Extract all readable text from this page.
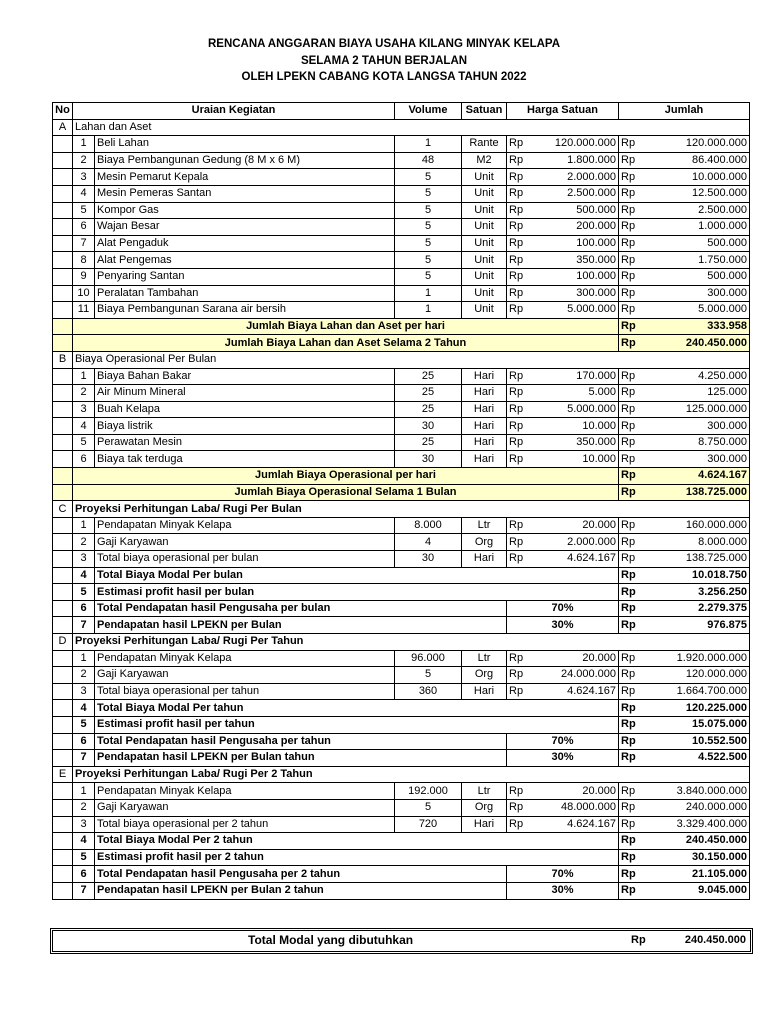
RENCANA ANGGARAN BIAYA USAHA KILANG MINYAK KELAPA
SELAMA 2 TAHUN BERJALAN
OLEH LPEKN CABANG KOTA LANGSA TAHUN 2022
No	Uraian Kegiatan		Volume	Satuan	Harga Satuan		Jumlah	
A	Lahan dan Aset							
	1	Beli Lahan	1	Rante	Rp	120.000.000	Rp	120.000.000
	2	Biaya Pembangunan Gedung (8 M x 6 M)	48	M2	Rp	1.800.000	Rp	86.400.000
	3	Mesin Pemarut Kepala	5	Unit	Rp	2.000.000	Rp	10.000.000
	4	Mesin Pemeras Santan	5	Unit	Rp	2.500.000	Rp	12.500.000
	5	Kompor Gas	5	Unit	Rp	500.000	Rp	2.500.000
	6	Wajan Besar	5	Unit	Rp	200.000	Rp	1.000.000
	7	Alat Pengaduk	5	Unit	Rp	100.000	Rp	500.000
	8	Alat Pengemas	5	Unit	Rp	350.000	Rp	1.750.000
	9	Penyaring Santan	5	Unit	Rp	100.000	Rp	500.000
	10	Peralatan Tambahan	1	Unit	Rp	300.000	Rp	300.000
	11	Biaya Pembangunan Sarana air bersih	1	Unit	Rp	5.000.000	Rp	5.000.000
	Jumlah Biaya Lahan dan Aset per hari						Rp	333.958
	Jumlah Biaya Lahan dan Aset Selama 2 Tahun						Rp	240.450.000
B	Biaya Operasional Per Bulan							
	1	Biaya Bahan Bakar	25	Hari	Rp	170.000	Rp	4.250.000
	2	Air Minum Mineral	25	Hari	Rp	5.000	Rp	125.000
	3	Buah Kelapa	25	Hari	Rp	5.000.000	Rp	125.000.000
	4	Biaya listrik	30	Hari	Rp	10.000	Rp	300.000
	5	Perawatan Mesin	25	Hari	Rp	350.000	Rp	8.750.000
	6	Biaya tak terduga	30	Hari	Rp	10.000	Rp	300.000
	Jumlah Biaya Operasional per hari						Rp	4.624.167
	Jumlah Biaya Operasional Selama 1 Bulan						Rp	138.725.000
C	Proyeksi Perhitungan Laba/ Rugi Per Bulan							
	1	Pendapatan Minyak Kelapa	8.000	Ltr	Rp	20.000	Rp	160.000.000
	2	Gaji Karyawan	4	Org	Rp	2.000.000	Rp	8.000.000
	3	Total biaya operasional per bulan	30	Hari	Rp	4.624.167	Rp	138.725.000
	4	Total Biaya Modal Per bulan					Rp	10.018.750
	5	Estimasi profit hasil per bulan					Rp	3.256.250
	6	Total Pendapatan hasil Pengusaha per bulan			70%		Rp	2.279.375
	7	Pendapatan hasil LPEKN per Bulan			30%		Rp	976.875
D	Proyeksi Perhitungan Laba/ Rugi Per Tahun							
	1	Pendapatan Minyak Kelapa	96.000	Ltr	Rp	20.000	Rp	1.920.000.000
	2	Gaji Karyawan	5	Org	Rp	24.000.000	Rp	120.000.000
	3	Total biaya operasional per tahun	360	Hari	Rp	4.624.167	Rp	1.664.700.000
	4	Total Biaya Modal Per tahun					Rp	120.225.000
	5	Estimasi profit hasil per tahun					Rp	15.075.000
	6	Total Pendapatan hasil Pengusaha per tahun			70%		Rp	10.552.500
	7	Pendapatan hasil LPEKN per Bulan tahun			30%		Rp	4.522.500
E	Proyeksi Perhitungan Laba/ Rugi Per 2 Tahun							
	1	Pendapatan Minyak Kelapa	192.000	Ltr	Rp	20.000	Rp	3.840.000.000
	2	Gaji Karyawan	5	Org	Rp	48.000.000	Rp	240.000.000
	3	Total biaya operasional per 2 tahun	720	Hari	Rp	4.624.167	Rp	3.329.400.000
	4	Total Biaya Modal Per 2 tahun					Rp	240.450.000
	5	Estimasi profit hasil per 2 tahun					Rp	30.150.000
	6	Total Pendapatan hasil Pengusaha per 2 tahun			70%		Rp	21.105.000
	7	Pendapatan hasil LPEKN per Bulan 2 tahun			30%		Rp	9.045.000
Total Modal yang dibutuhkan	Rp	240.450.000
